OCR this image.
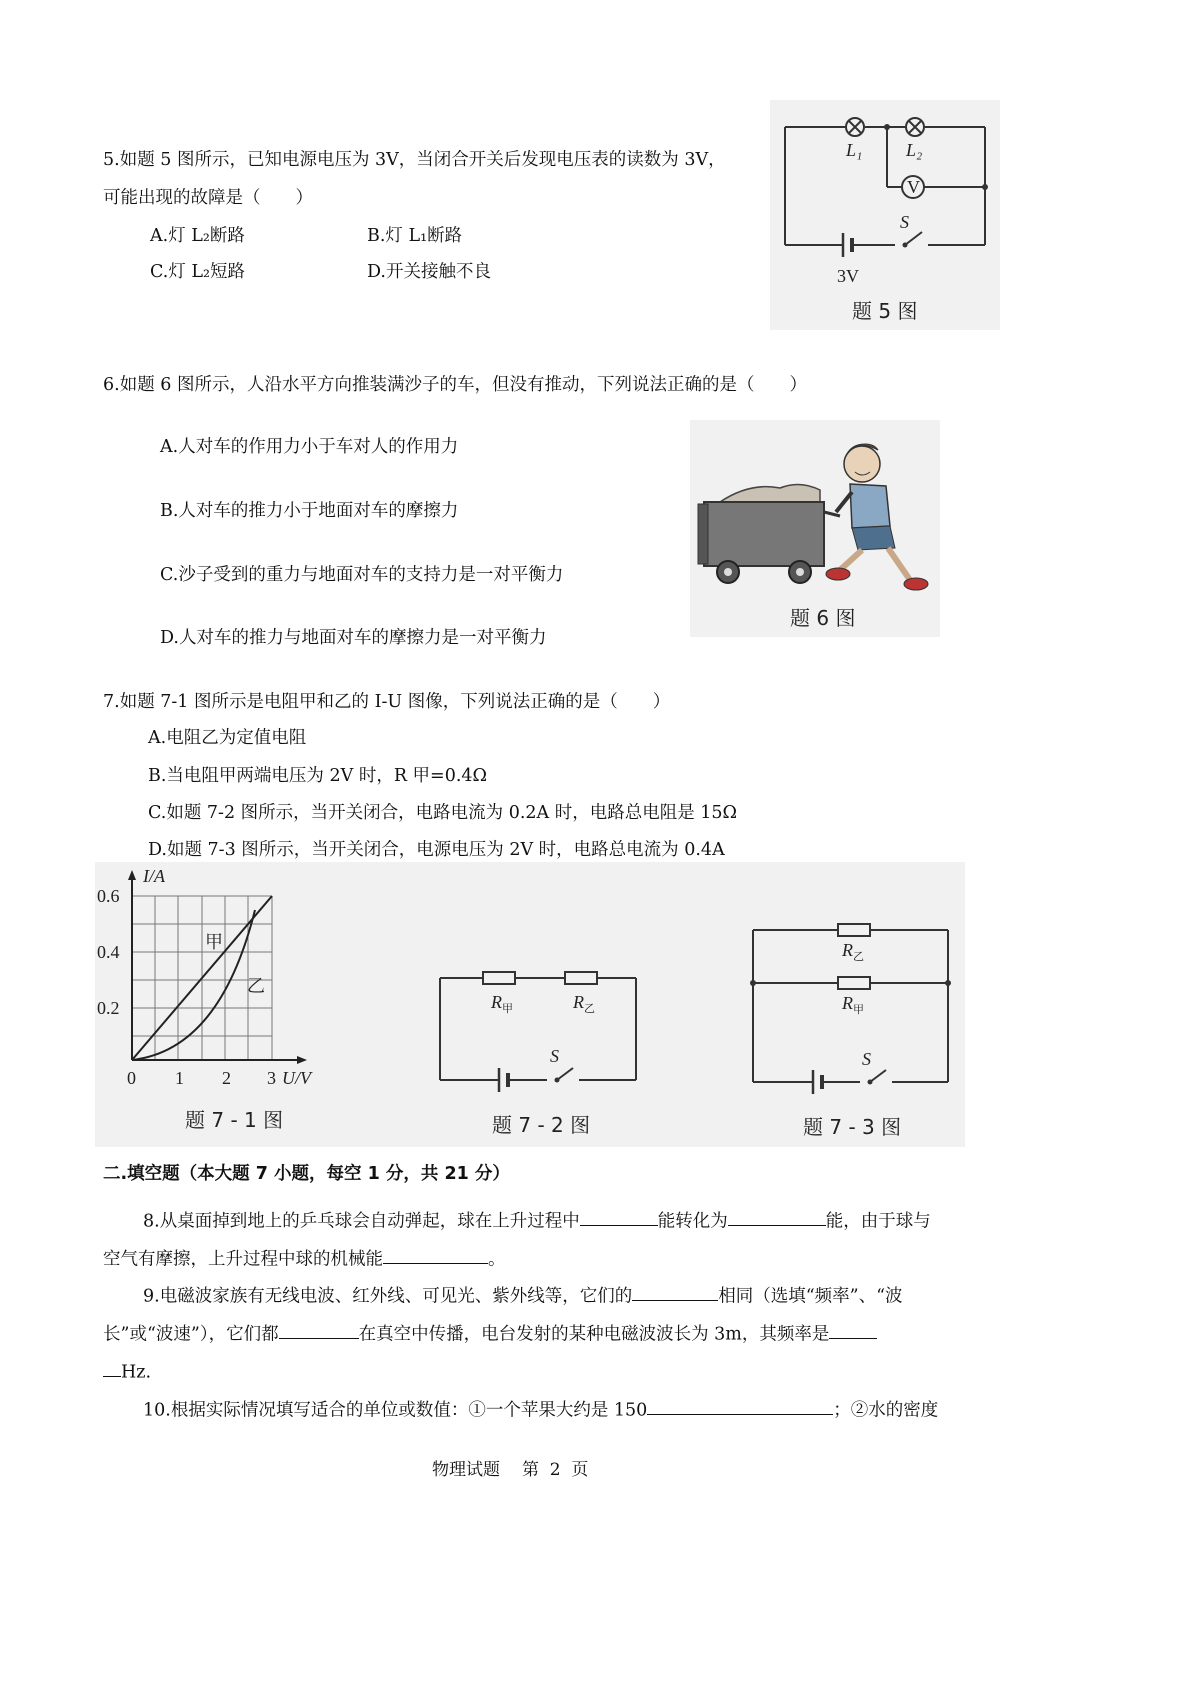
5.如题 5 图所示，已知电源电压为 3V，当闭合开关后发现电压表的读数为 3V，
可能出现的故障是（　　）
A.灯 L₂断路	B.灯 L₁断路
C.灯 L₂短路	D.开关接触不良
L₁ L₂
V
S
3V
题 5 图
6.如题 6 图所示，人沿水平方向推装满沙子的车，但没有推动，下列说法正确的是（　　）
A.人对车的作用力小于车对人的作用力
B.人对车的推力小于地面对车的摩擦力
C.沙子受到的重力与地面对车的支持力是一对平衡力
D.人对车的推力与地面对车的摩擦力是一对平衡力
题 6 图
7.如题 7-1 图所示是电阻甲和乙的 I-U 图像，下列说法正确的是（　　）
A.电阻乙为定值电阻
B.当电阻甲两端电压为 2V 时，R 甲=0.4Ω
C.如题 7-2 图所示，当开关闭合，电路电流为 0.2A 时，电路总电阻是 15Ω
D.如题 7-3 图所示，当开关闭合，电源电压为 2V 时，电路总电流为 0.4A
I/A
U/V
0.6
0.4
0.2
0 1 2 3
甲
乙
题 7 - 1 图
$R_甲$	$R_乙$
S
题 7 - 2 图
$R_乙$
$R_甲$
S
题 7 - 3 图
二.填空题（本大题 7 小题，每空 1 分，共 21 分）
8.从桌面掉到地上的乒乓球会自动弹起，球在上升过程中	能转化为	能，由于球与
空气有摩擦，上升过程中球的机械能	。
9.电磁波家族有无线电波、红外线、可见光、紫外线等，它们的	相同（选填“频率”、“波
长”或“波速”），它们都	在真空中传播，电台发射的某种电磁波波长为 3m，其频率是
Hz.
10.根据实际情况填写适合的单位或数值：①一个苹果大约是 150	；②水的密度
物理试题 第  2  页
